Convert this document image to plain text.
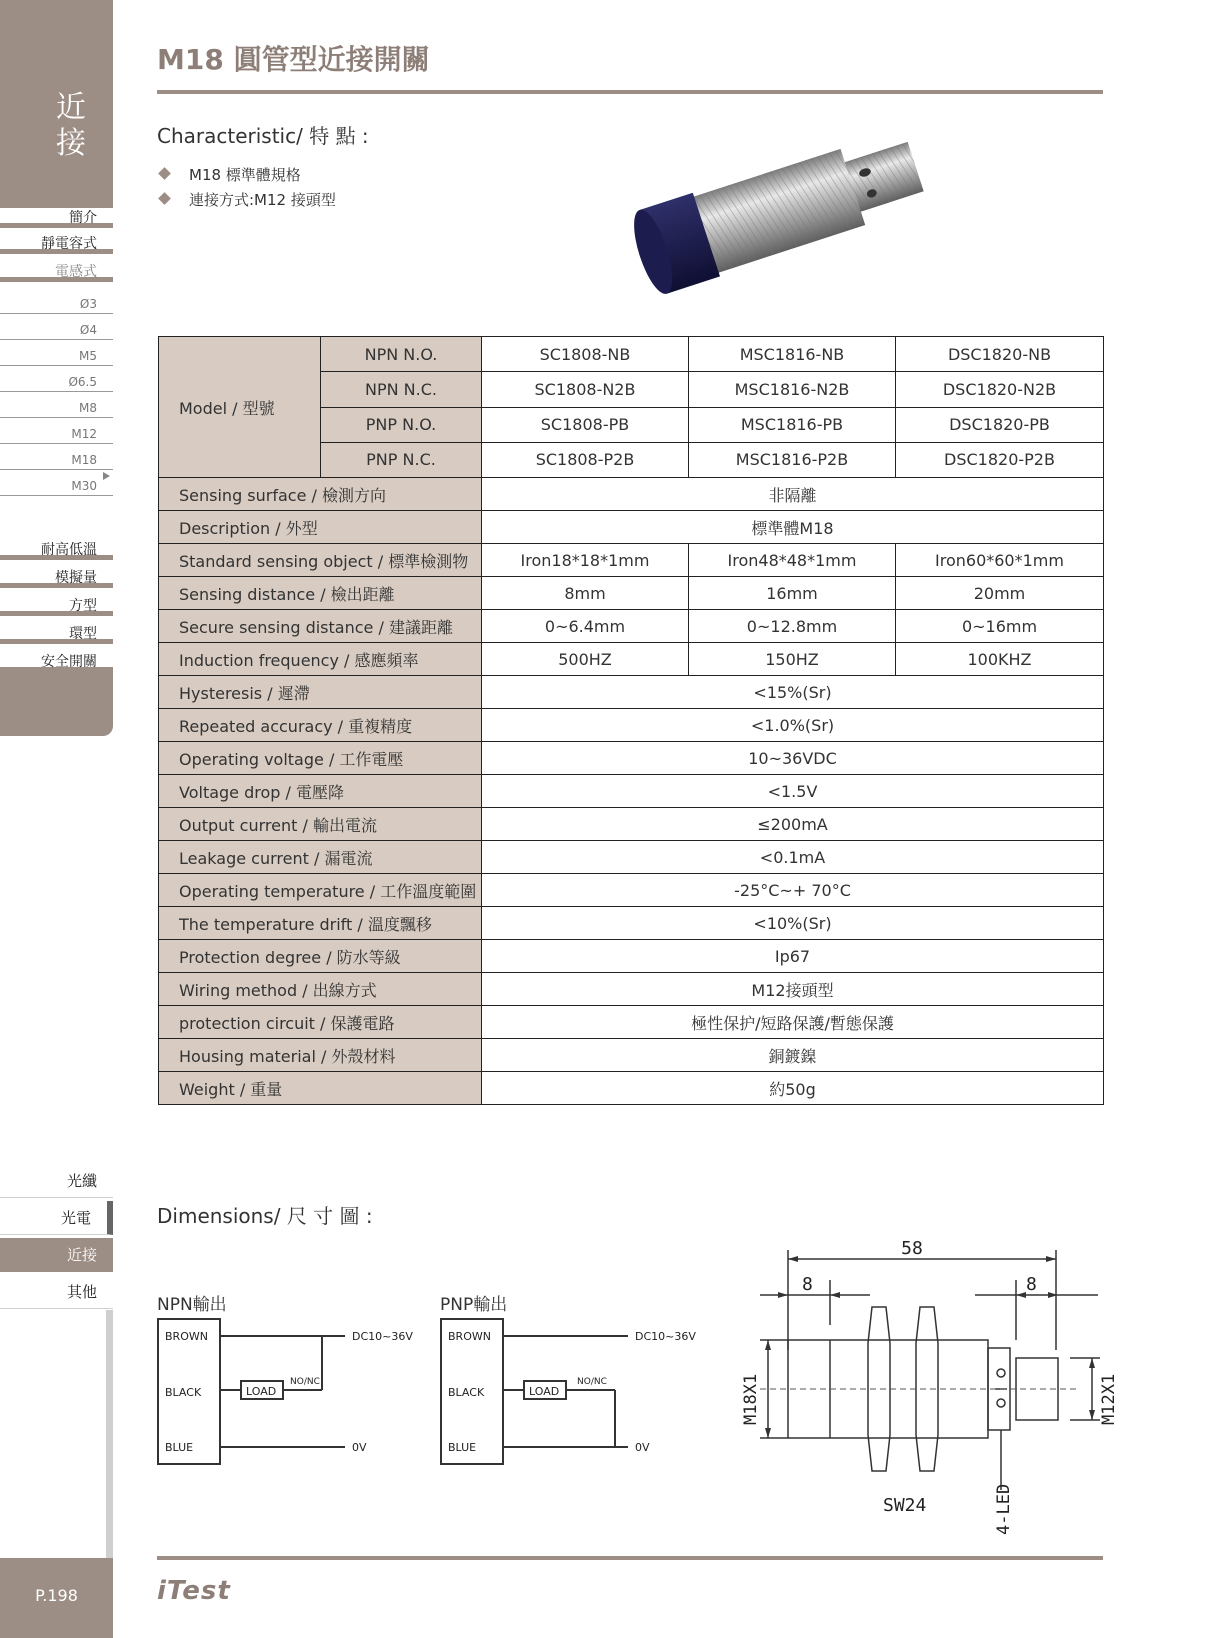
近
接
簡介
靜電容式
電感式
Ø3
Ø4
M5
Ø6.5
M8
M12
M18
M30
耐高低溫
模擬量
方型
環型
安全開關
光纖
光電
近接
其他
P.198
M18 圓管型近接開關
Characteristic/ 特 點 :
M18 標準體規格
連接方式:M12 接頭型
Model / 型號	NPN N.O.	SC1808-NB	MSC1816-NB	DSC1820-NB
	NPN N.C.	SC1808-N2B	MSC1816-N2B	DSC1820-N2B
	PNP N.O.	SC1808-PB	MSC1816-PB	DSC1820-PB
	PNP N.C.	SC1808-P2B	MSC1816-P2B	DSC1820-P2B
Sensing surface / 檢測方向		非隔離		
Description / 外型		標準體M18		
Standard sensing object / 標準檢測物		Iron18*18*1mm	Iron48*48*1mm	Iron60*60*1mm
Sensing distance / 檢出距離		8mm	16mm	20mm
Secure sensing distance / 建議距離		0~6.4mm	0~12.8mm	0~16mm
Induction frequency / 感應頻率		500HZ	150HZ	100KHZ
Hysteresis / 遲滯		<15%(Sr)		
Repeated accuracy / 重複精度		<1.0%(Sr)		
Operating voltage / 工作電壓		10~36VDC		
Voltage drop / 電壓降		<1.5V		
Output current / 輸出電流		≤200mA		
Leakage current / 漏電流		<0.1mA		
Operating temperature / 工作溫度範圍		-25°C~+ 70°C		
The temperature drift / 溫度飄移		<10%(Sr)		
Protection degree / 防水等級		Ip67		
Wiring method / 出線方式		M12接頭型		
protection circuit / 保護電路		極性保护/短路保護/暫態保護		
Housing material / 外殼材料		銅鍍鎳		
Weight / 重量		約50g		
Dimensions/ 尺 寸 圖 :
NPN輸出
BROWN
BLACK
BLUE
LOAD
NO/NC
DC10~36V
0V
PNP輸出
BROWN
BLACK
BLUE
LOAD
NO/NC
DC10~36V
0V
58
8	8
M18X1	M12X1
SW24	4-LED
iTest
